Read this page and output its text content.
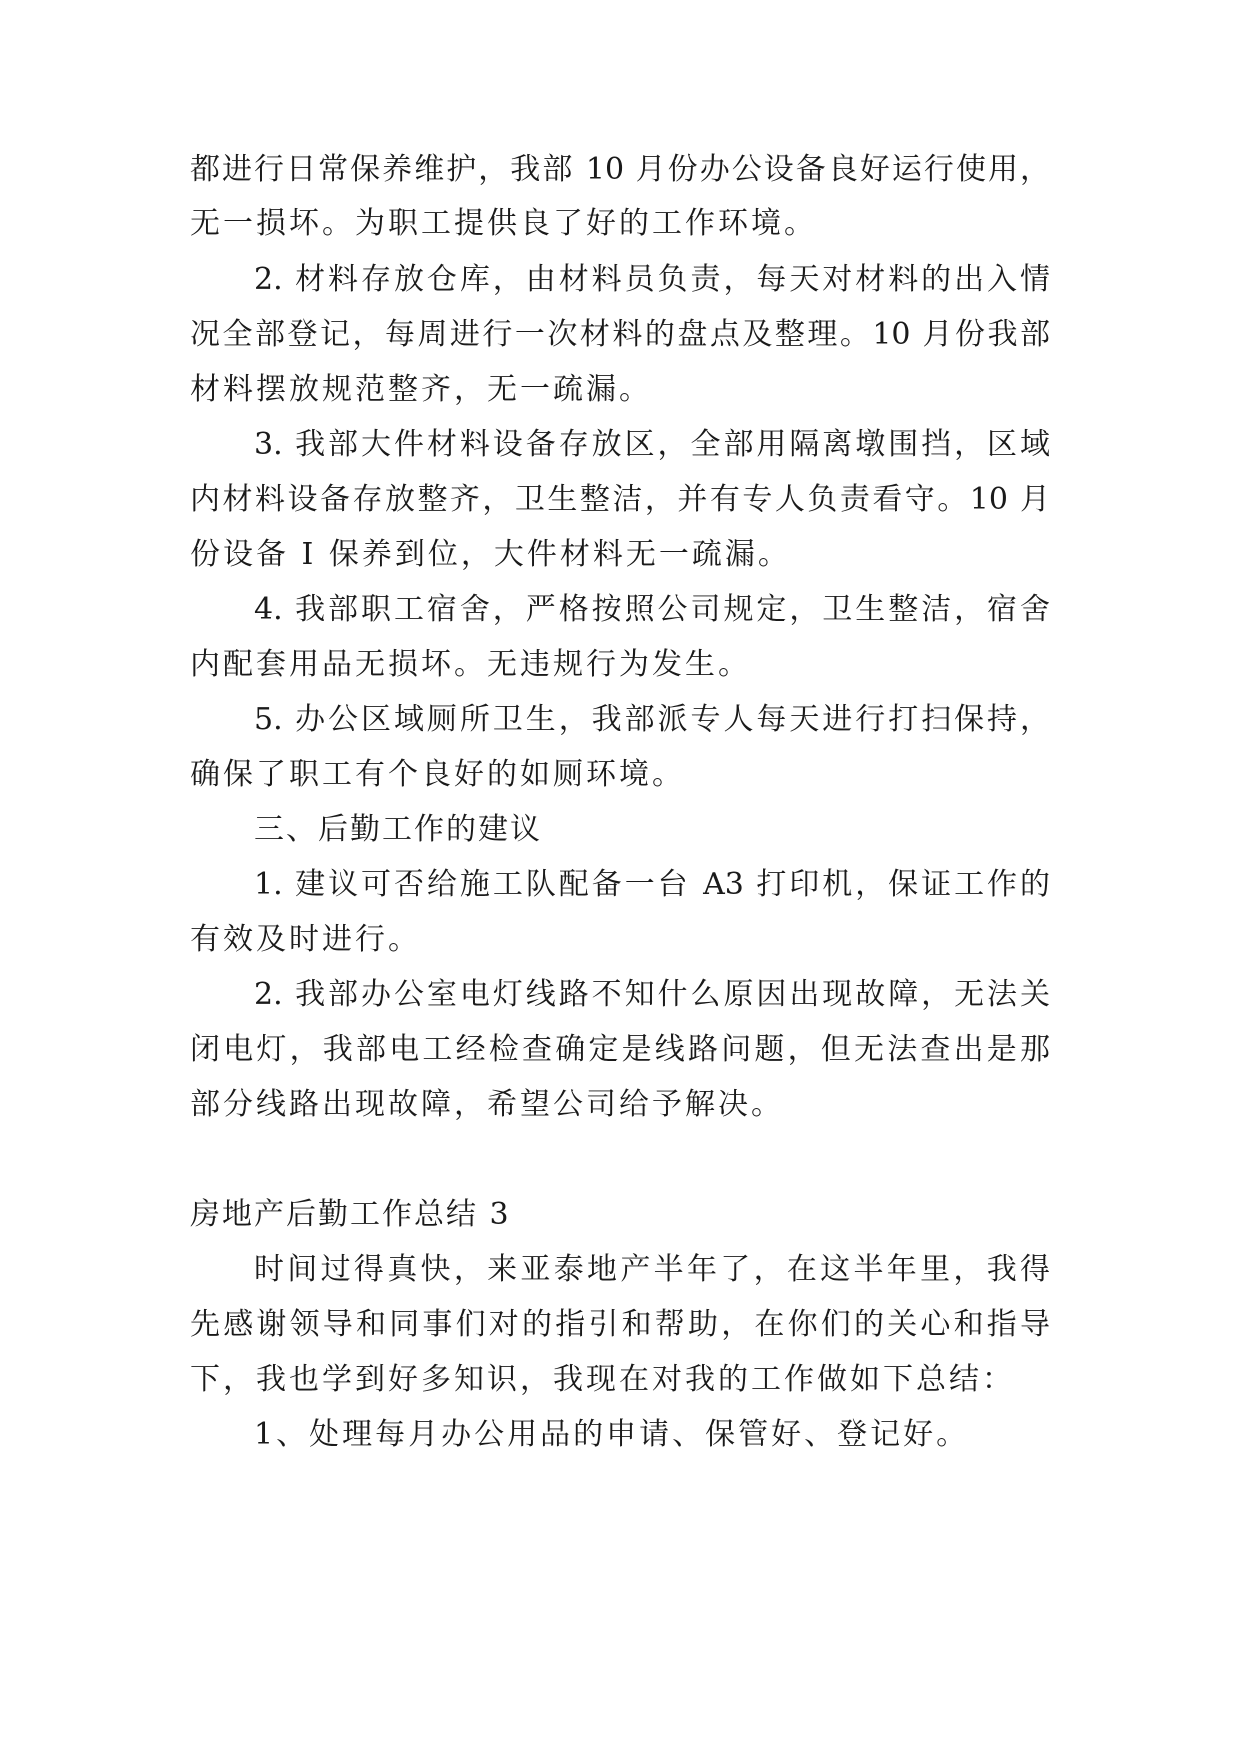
都进行日常保养维护，我部 10 月份办公设备良好运行使用，
无一损坏。为职工提供良了好的工作环境。
2. 材料存放仓库，由材料员负责，每天对材料的出入情
况全部登记，每周进行一次材料的盘点及整理。10 月份我部
材料摆放规范整齐，无一疏漏。
3. 我部大件材料设备存放区，全部用隔离墩围挡，区域
内材料设备存放整齐，卫生整洁，并有专人负责看守。10 月
份设备 I 保养到位，大件材料无一疏漏。
4. 我部职工宿舍，严格按照公司规定，卫生整洁，宿舍
内配套用品无损坏。无违规行为发生。
5. 办公区域厕所卫生，我部派专人每天进行打扫保持，
确保了职工有个良好的如厕环境。
三、后勤工作的建议
1. 建议可否给施工队配备一台 A3 打印机，保证工作的
有效及时进行。
2. 我部办公室电灯线路不知什么原因出现故障，无法关
闭电灯，我部电工经检查确定是线路问题，但无法查出是那
部分线路出现故障，希望公司给予解决。
房地产后勤工作总结 3
时间过得真快，来亚泰地产半年了，在这半年里，我得
先感谢领导和同事们对的指引和帮助，在你们的关心和指导
下，我也学到好多知识，我现在对我的工作做如下总结：
1、处理每月办公用品的申请、保管好、登记好。
